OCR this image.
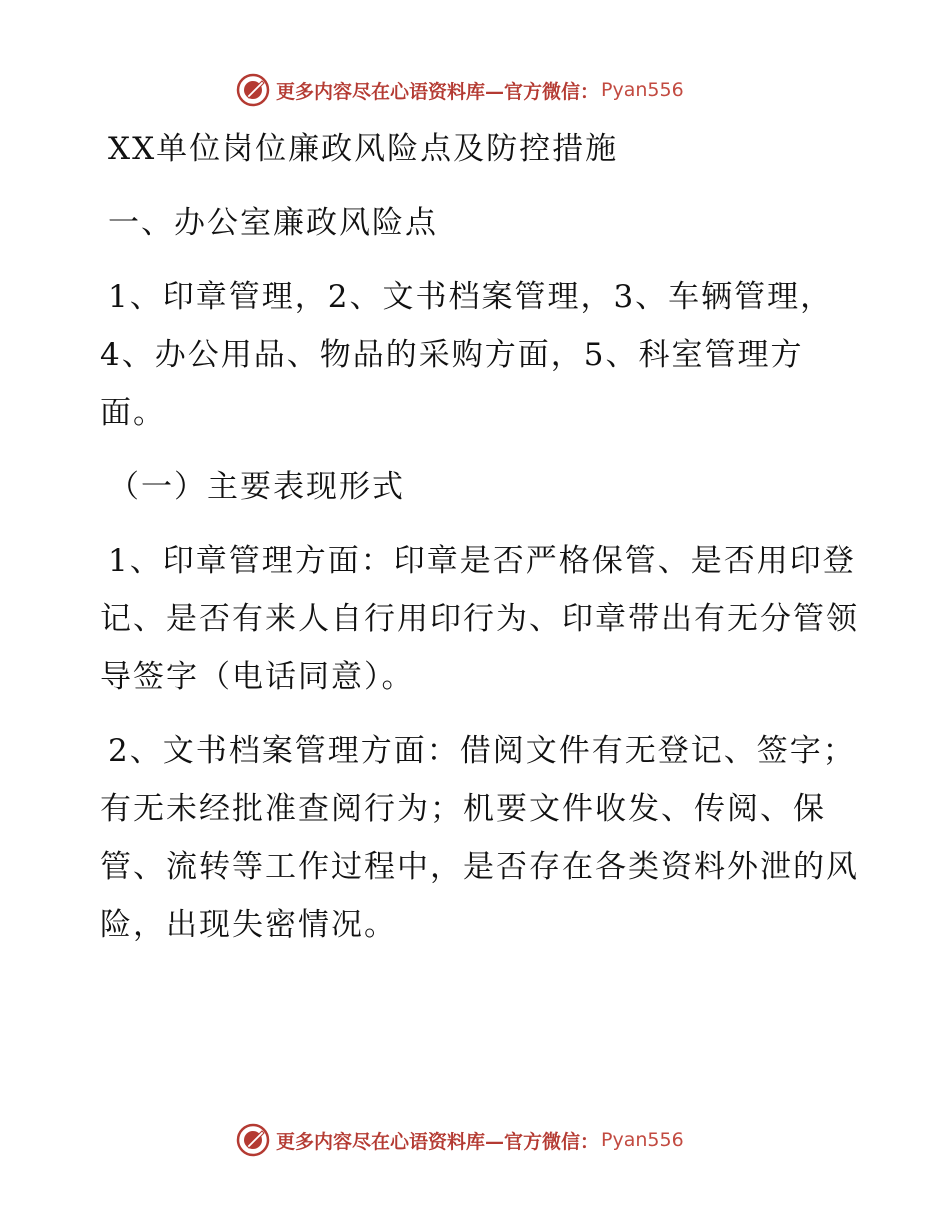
更多内容尽在心语资料库—官方微信： Pyan556

XX单位岗位廉政风险点及防控措施

一、办公室廉政风险点

1、印章管理，2、文书档案管理，3、车辆管理，4、办公用品、物品的采购方面，5、科室管理方面。

（一）主要表现形式

1、印章管理方面：印章是否严格保管、是否用印登记、是否有来人自行用印行为、印章带出有无分管领导签字（电话同意）。

2、文书档案管理方面：借阅文件有无登记、签字；有无未经批准查阅行为；机要文件收发、传阅、保管、流转等工作过程中，是否存在各类资料外泄的风险，出现失密情况。

更多内容尽在心语资料库—官方微信： Pyan556
